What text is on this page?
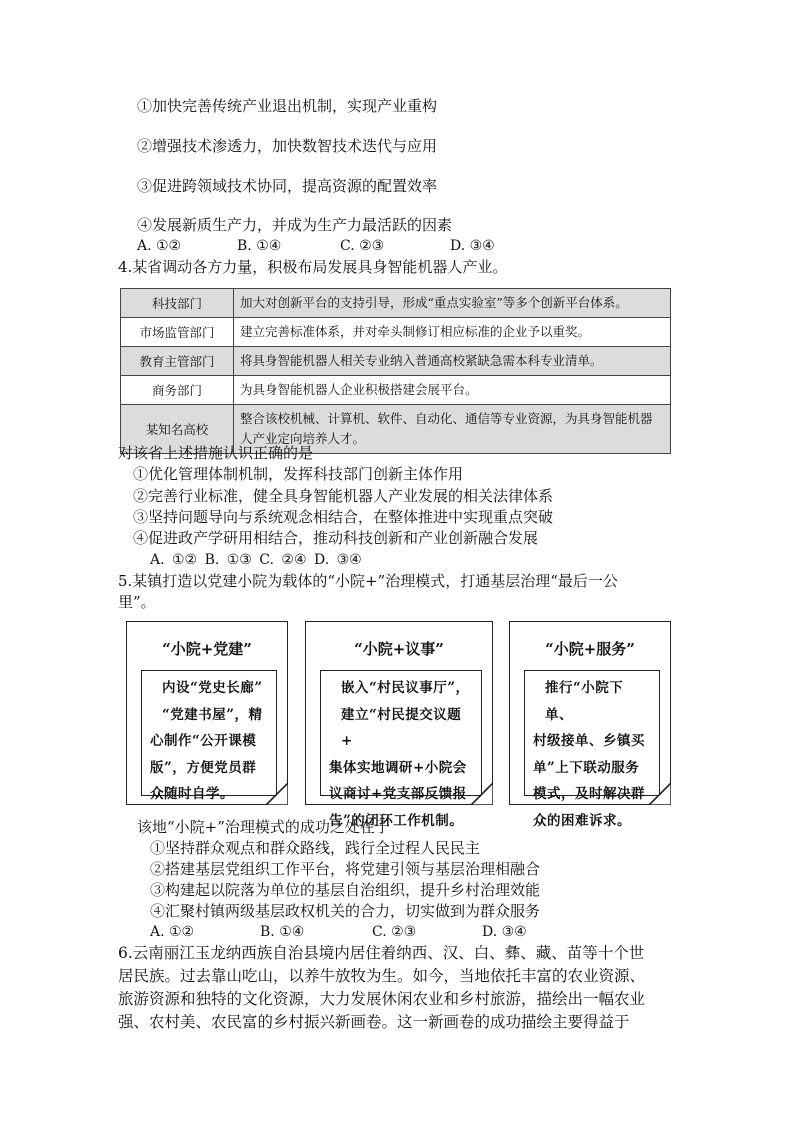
①加快完善传统产业退出机制，实现产业重构
②增强技术渗透力，加快数智技术迭代与应用
③促进跨领域技术协同，提高资源的配置效率
④发展新质生产力，并成为生产力最活跃的因素
A. ①②	B. ①④	C. ②③	D. ③④
4.某省调动各方力量，积极布局发展具身智能机器人产业。
科技部门	加大对创新平台的支持引导，形成“重点实验室”等多个创新平台体系。
市场监管部门	建立完善标准体系，并对牵头制修订相应标准的企业予以重奖。
教育主管部门	将具身智能机器人相关专业纳入普通高校紧缺急需本科专业清单。
商务部门	为具身智能机器人企业积极搭建会展平台。
某知名高校	整合该校机械、计算机、软件、自动化、通信等专业资源，为具身智能机器人产业定向培养人才。
对该省上述措施认识正确的是
①优化管理体制机制，发挥科技部门创新主体作用
②完善行业标准，健全具身智能机器人产业发展的相关法律体系
③坚持问题导向与系统观念相结合，在整体推进中实现重点突破
④促进政产学研用相结合，推动科技创新和产业创新融合发展
A. ①② B. ①③ C. ②④ D. ③④
5.某镇打造以党建小院为载体的“小院+”治理模式，打通基层治理“最后一公
里”。
“小院+党建”
内设“党史长廊”
“党建书屋”，精
心制作“公开课模
版”，方便党员群
众随时自学。
“小院+议事”
嵌入“村民议事厅”，
建立“村民提交议题+
集体实地调研+小院会
议商讨+党支部反馈报
告”的闭环工作机制。
“小院+服务”
推行“小院下单、
村级接单、乡镇买
单”上下联动服务
模式，及时解决群
众的困难诉求。
该地“小院+”治理模式的成功之处在于
①坚持群众观点和群众路线，践行全过程人民民主
②搭建基层党组织工作平台，将党建引领与基层治理相融合
③构建起以院落为单位的基层自治组织，提升乡村治理效能
④汇聚村镇两级基层政权机关的合力，切实做到为群众服务
A. ①②	B. ①④	C. ②③	D. ③④
6.云南丽江玉龙纳西族自治县境内居住着纳西、汉、白、彝、藏、苗等十个世
居民族。过去靠山吃山，以养牛放牧为生。如今，当地依托丰富的农业资源、
旅游资源和独特的文化资源，大力发展休闲农业和乡村旅游，描绘出一幅农业
强、农村美、农民富的乡村振兴新画卷。这一新画卷的成功描绘主要得益于
